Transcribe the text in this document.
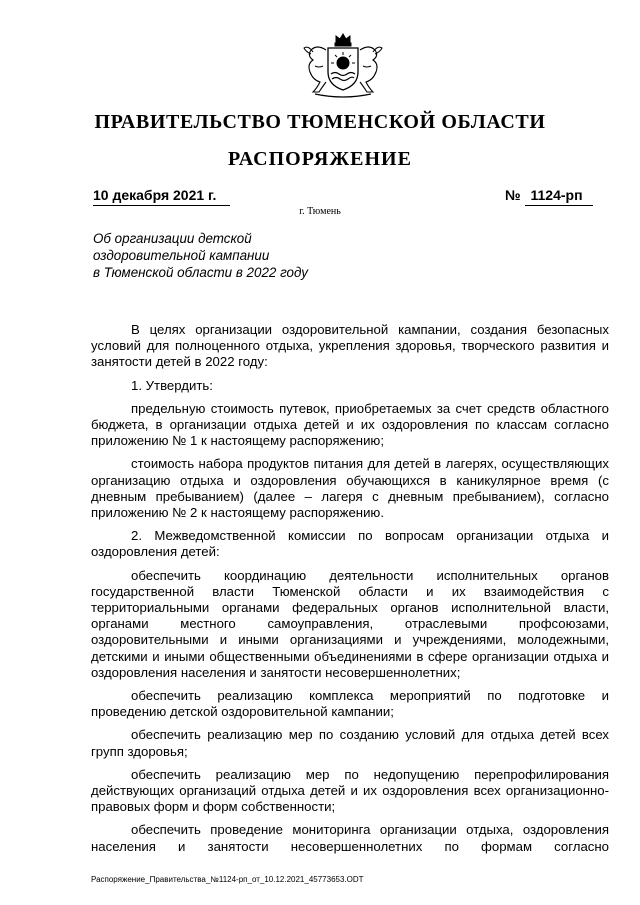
ПРАВИТЕЛЬСТВО ТЮМЕНСКОЙ ОБЛАСТИ
РАСПОРЯЖЕНИЕ
10 декабря 2021 г.	№ 1124-рп
г. Тюмень
Об организации детской
оздоровительной кампании
в Тюменской области в 2022 году

В целях организации оздоровительной кампании, создания безопасных условий для полноценного отдыха, укрепления здоровья, творческого развития и занятости детей в 2022 году:

1. Утвердить:

предельную стоимость путевок, приобретаемых за счет средств областного бюджета, в организации отдыха детей и их оздоровления по классам согласно приложению № 1 к настоящему распоряжению;

стоимость набора продуктов питания для детей в лагерях, осуществляющих организацию отдыха и оздоровления обучающихся в каникулярное время (с дневным пребыванием) (далее – лагеря с дневным пребыванием), согласно приложению № 2 к настоящему распоряжению.

2. Межведомственной комиссии по вопросам организации отдыха и оздоровления детей:

обеспечить координацию деятельности исполнительных органов государственной власти Тюменской области и их взаимодействия с территориальными органами федеральных органов исполнительной власти, органами местного самоуправления, отраслевыми профсоюзами, оздоровительными и иными организациями и учреждениями, молодежными, детскими и иными общественными объединениями в сфере организации отдыха и оздоровления населения и занятости несовершеннолетних;

обеспечить реализацию комплекса мероприятий по подготовке и проведению детской оздоровительной кампании;

обеспечить реализацию мер по созданию условий для отдыха детей всех групп здоровья;

обеспечить реализацию мер по недопущению перепрофилирования действующих организаций отдыха детей и их оздоровления всех организационно-правовых форм и форм собственности;

обеспечить проведение мониторинга организации отдыха, оздоровления населения и занятости несовершеннолетних по формам согласно

Распоряжение_Правительства_№1124-рп_от_10.12.2021_45773653.ODT
